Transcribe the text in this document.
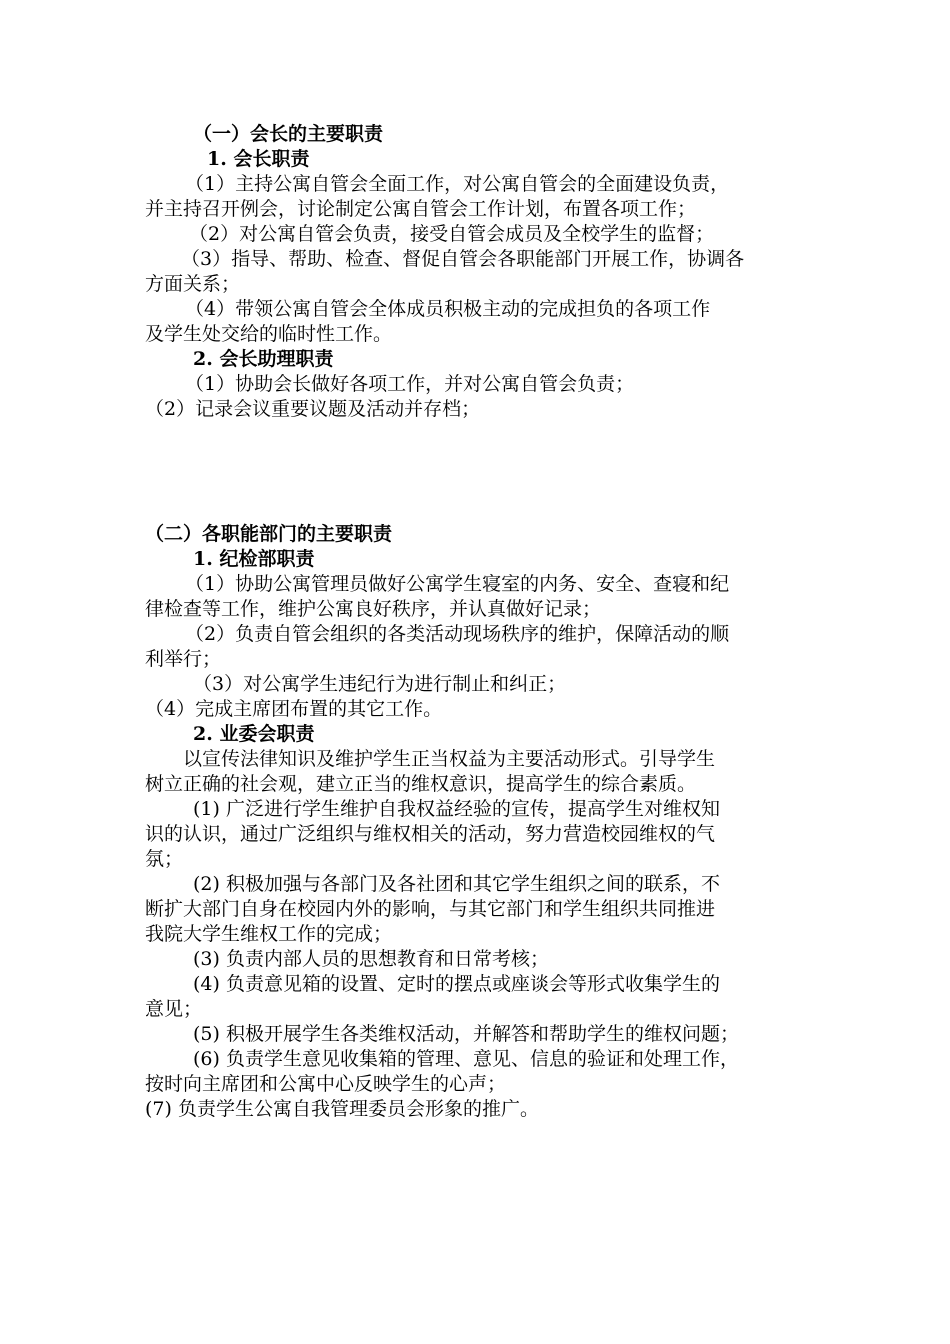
（一）会长的主要职责
1. 会长职责
（1）主持公寓自管会全面工作，对公寓自管会的全面建设负责，
并主持召开例会，讨论制定公寓自管会工作计划，布置各项工作；
（2）对公寓自管会负责，接受自管会成员及全校学生的监督；
（3）指导、帮助、检查、督促自管会各职能部门开展工作，协调各
方面关系；
（4）带领公寓自管会全体成员积极主动的完成担负的各项工作
及学生处交给的临时性工作。
2. 会长助理职责
（1）协助会长做好各项工作，并对公寓自管会负责；
（2）记录会议重要议题及活动并存档；
（二）各职能部门的主要职责
1. 纪检部职责
（1）协助公寓管理员做好公寓学生寝室的内务、安全、查寝和纪
律检查等工作，维护公寓良好秩序，并认真做好记录；
（2）负责自管会组织的各类活动现场秩序的维护，保障活动的顺
利举行；
（3）对公寓学生违纪行为进行制止和纠正；
（4）完成主席团布置的其它工作。
2. 业委会职责
以宣传法律知识及维护学生正当权益为主要活动形式。引导学生
树立正确的社会观，建立正当的维权意识，提高学生的综合素质。
(1) 广泛进行学生维护自我权益经验的宣传，提高学生对维权知
识的认识，通过广泛组织与维权相关的活动，努力营造校园维权的气
氛；
(2) 积极加强与各部门及各社团和其它学生组织之间的联系，不
断扩大部门自身在校园内外的影响，与其它部门和学生组织共同推进
我院大学生维权工作的完成；
(3) 负责内部人员的思想教育和日常考核；
(4) 负责意见箱的设置、定时的摆点或座谈会等形式收集学生的
意见；
(5) 积极开展学生各类维权活动，并解答和帮助学生的维权问题；
(6) 负责学生意见收集箱的管理、意见、信息的验证和处理工作，
按时向主席团和公寓中心反映学生的心声；
(7) 负责学生公寓自我管理委员会形象的推广。
